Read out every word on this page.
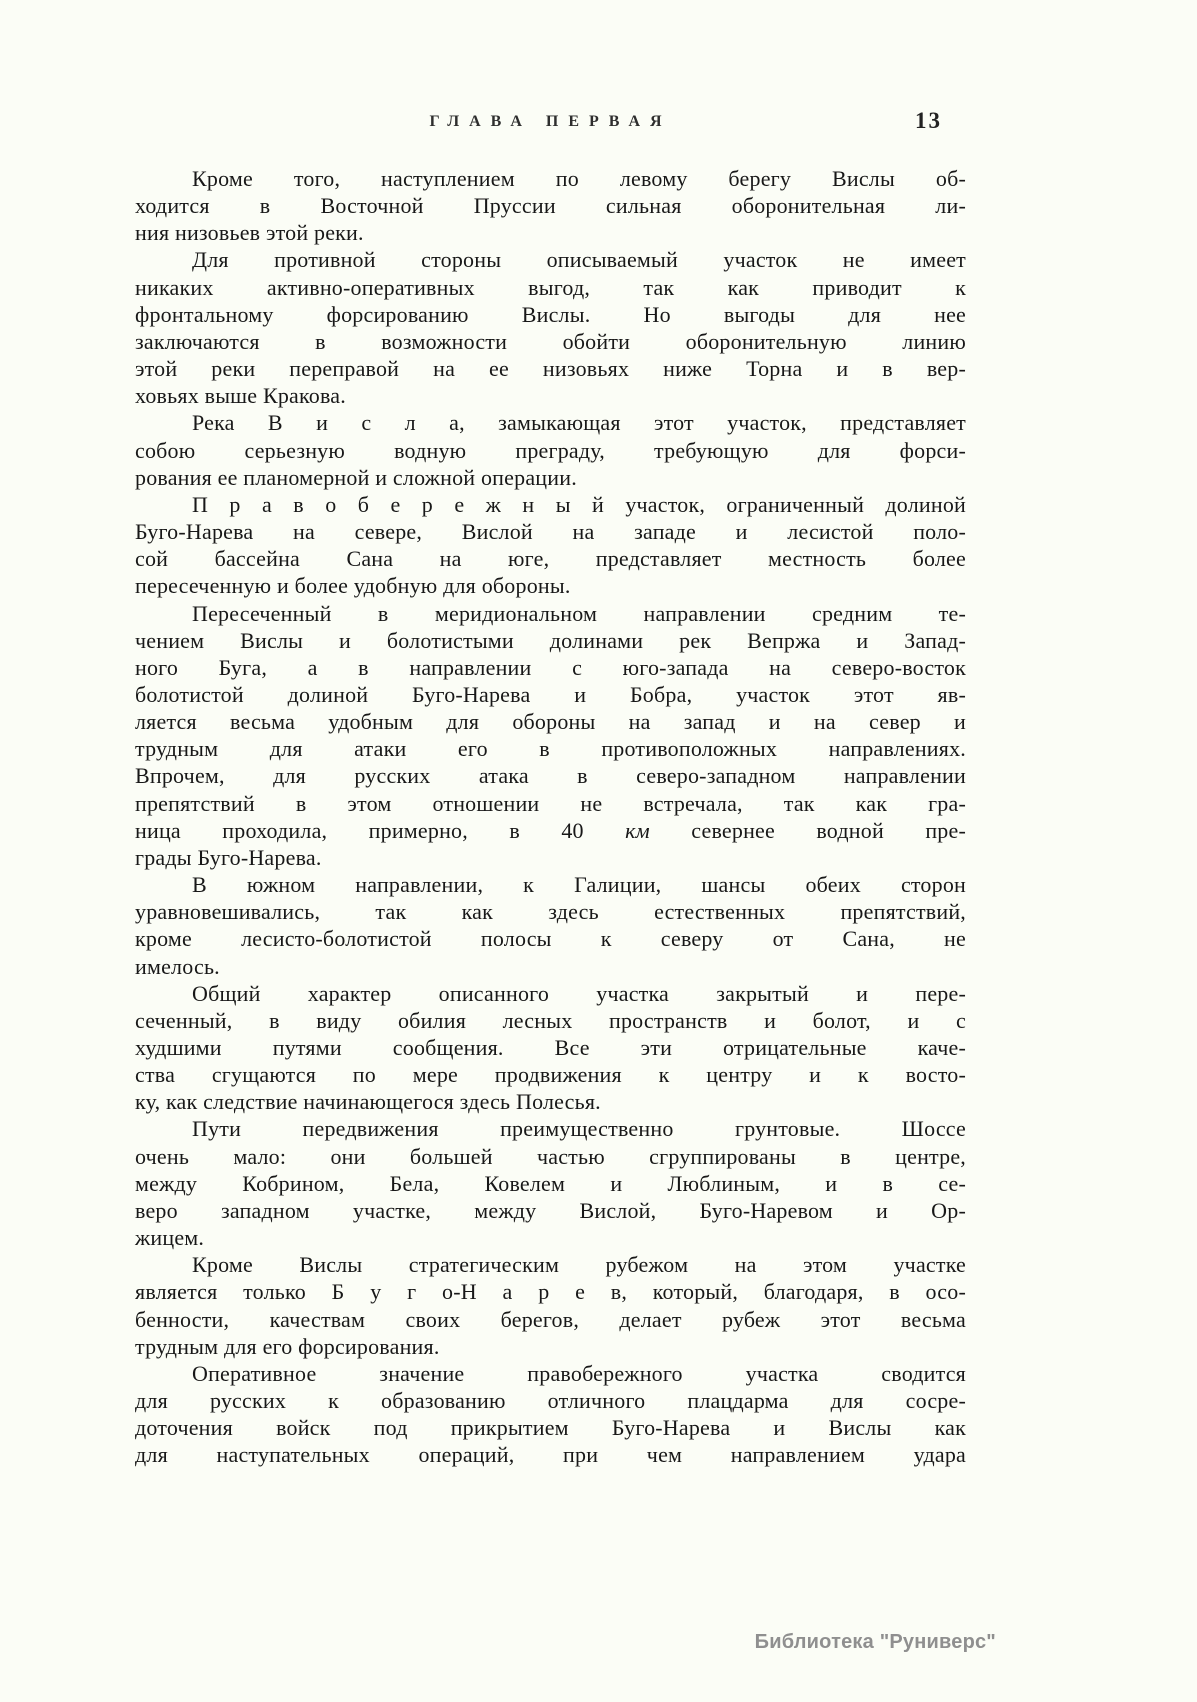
ГЛАВА ПЕРВАЯ	13
Кроме того, наступлением по левому берегу Вислы об-
ходится в Восточной Пруссии сильная оборонительная ли-
ния низовьев этой реки.
Для противной стороны описываемый участок не имеет
никаких активно-оперативных выгод, так как приводит к
фронтальному форсированию Вислы. Но выгоды для нее
заключаются в возможности обойти оборонительную линию
этой реки переправой на ее низовьях ниже Торна и в вер-
ховьях выше Кракова.
Река В и с л а, замыкающая этот участок, представляет
собою серьезную водную преграду, требующую для форси-
рования ее планомерной и сложной операции.
П р а в о б е р е ж н ы й участок, ограниченный долиной
Буго-Нарева на севере, Вислой на западе и лесистой поло-
сой бассейна Сана на юге, представляет местность более
пересеченную и более удобную для обороны.
Пересеченный в меридиональном направлении средним те-
чением Вислы и болотистыми долинами рек Вепржа и Запад-
ного Буга, а в направлении с юго-запада на северо-восток
болотистой долиной Буго-Нарева и Бобра, участок этот яв-
ляется весьма удобным для обороны на запад и на север и
трудным для атаки его в противоположных направлениях.
Впрочем, для русских атака в северо-западном направлении
препятствий в этом отношении не встречала, так как гра-
ница проходила, примерно, в 40 км севернее водной пре-
грады Буго-Нарева.
В южном направлении, к Галиции, шансы обеих сторон
уравновешивались, так как здесь естественных препятствий,
кроме лесисто-болотистой полосы к северу от Сана, не
имелось.
Общий характер описанного участка закрытый и пере-
сеченный, в виду обилия лесных пространств и болот, и с
худшими путями сообщения. Все эти отрицательные каче-
ства сгущаются по мере продвижения к центру и к восто-
ку, как следствие начинающегося здесь Полесья.
Пути передвижения преимущественно грунтовые. Шоссе
очень мало: они большей частью сгруппированы в центре,
между Кобрином, Бела, Ковелем и Люблиным, и в се-
веро западном участке, между Вислой, Буго-Наревом и Ор-
жицем.
Кроме Вислы стратегическим рубежом на этом участке
является только Б у г о-Н а р е в, который, благодаря, в осо-
бенности, качествам своих берегов, делает рубеж этот весьма
трудным для его форсирования.
Оперативное значение правобережного участка сводится
для русских к образованию отличного плацдарма для сосре-
доточения войск под прикрытием Буго-Нарева и Вислы как
для наступательных операций, при чем направлением удара
Библиотека "Руниверс"
